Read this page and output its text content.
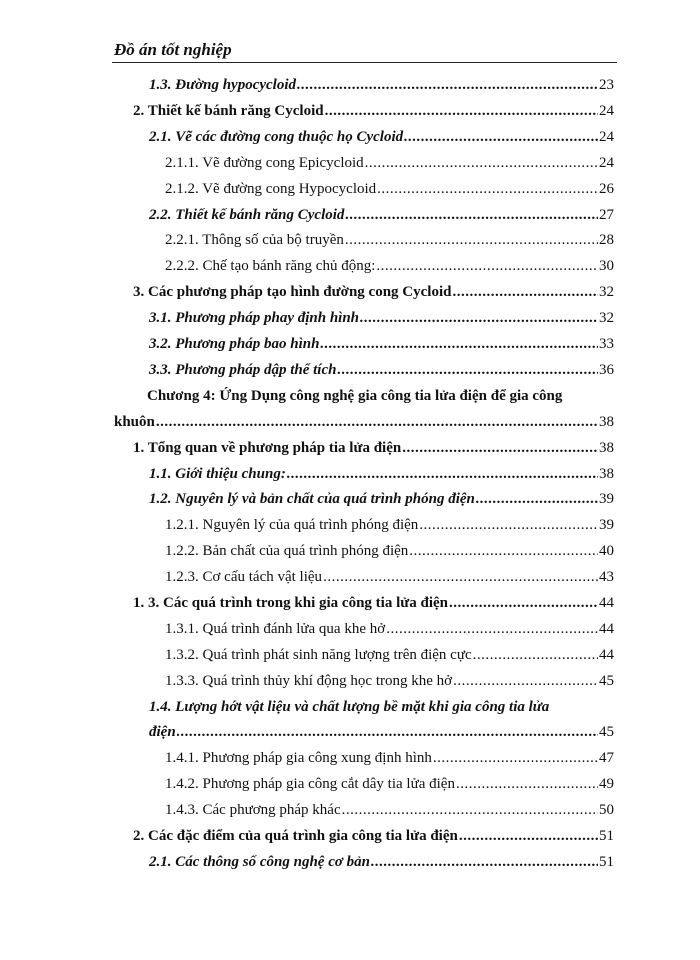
Đồ án tốt nghiệp
1.3. Đường hypocycloid .....	23
2. Thiết kế bánh răng Cycloid .....	24
2.1. Vẽ các đường cong thuộc họ Cycloid .....	24
2.1.1. Vẽ đường cong Epicycloid .....	24
2.1.2. Vẽ đường cong Hypocycloid .....	26
2.2. Thiết kế bánh răng Cycloid .....	27
2.2.1. Thông số của bộ truyền .....	28
2.2.2. Chế tạo bánh răng chủ động: .....	30
3. Các phương pháp tạo hình đường cong Cycloid .....	32
3.1. Phương pháp phay định hình .....	32
3.2. Phương pháp bao hình .....	33
3.3. Phương pháp dập thể tích .....	36
Chương 4: Ứng Dụng công nghệ gia công tia lửa điện để gia công
khuôn .....	38
1. Tổng quan về phương pháp tia lửa điện .....	38
1.1. Giới thiệu chung: .....	38
1.2. Nguyên lý và bản chất của quá trình phóng điện .....	39
1.2.1. Nguyên lý của quá trình phóng điện .....	39
1.2.2. Bản chất của quá trình phóng điện .....	40
1.2.3. Cơ cấu tách vật liệu .....	43
1. 3. Các quá trình trong khi gia công tia lửa điện .....	44
1.3.1. Quá trình đánh lửa qua khe hở .....	44
1.3.2. Quá trình phát sinh năng lượng trên điện cực .....	44
1.3.3. Quá trình thủy khí động học trong khe hở .....	45
1.4. Lượng hớt vật liệu và chất lượng bề mặt khi gia công tia lửa
điện .....	45
1.4.1. Phương pháp gia công xung định hình .....	47
1.4.2. Phương pháp gia công cắt dây tia lửa điện .....	49
1.4.3. Các phương pháp khác .....	50
2. Các đặc điểm của quá trình gia công tia lửa điện .....	51
2.1. Các thông số công nghệ cơ bản .....	51
